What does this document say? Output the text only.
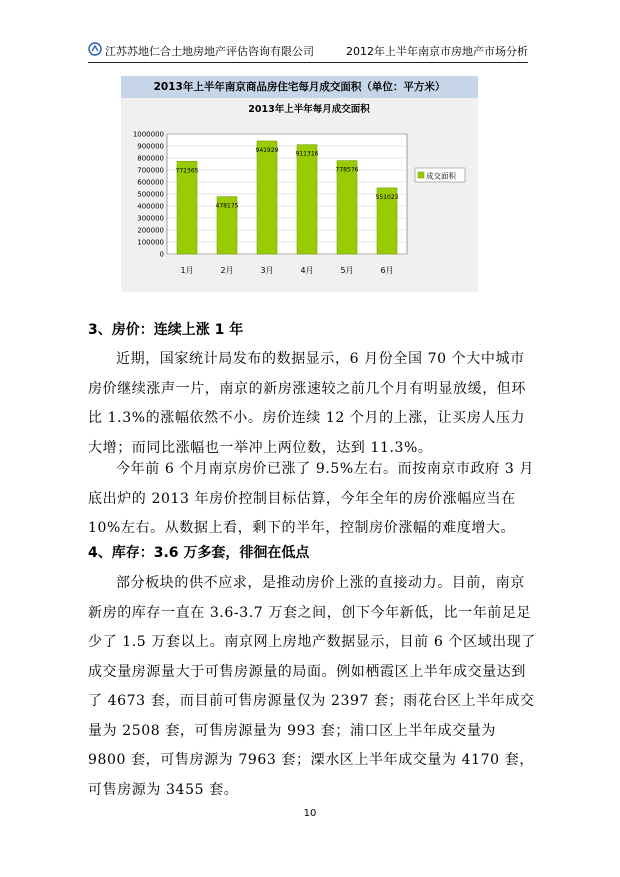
江苏苏地仁合土地房地产评估咨询有限公司	2012年上半年南京市房地产市场分析
2013年上半年南京商品房住宅每月成交面积（单位：平方米）
2013年上半年每月成交面积
0
100000
200000
300000
400000
500000
600000
700000
800000
900000
1000000
772365
1月
478175
2月
941929
3月
911316
4月
778576
5月
551023
6月
成交面积
3、房价：连续上涨 1 年
近期，国家统计局发布的数据显示，6 月份全国 70 个大中城市房价继续涨声一片，南京的新房涨速较之前几个月有明显放缓，但环比 1.3%的涨幅依然不小。房价连续 12 个月的上涨，让买房人压力大增；而同比涨幅也一举冲上两位数，达到 11.3%。
今年前 6 个月南京房价已涨了 9.5%左右。而按南京市政府 3 月底出炉的 2013 年房价控制目标估算，今年全年的房价涨幅应当在 10%左右。从数据上看，剩下的半年，控制房价涨幅的难度增大。
4、库存：3.6 万多套，徘徊在低点
部分板块的供不应求，是推动房价上涨的直接动力。目前，南京新房的库存一直在 3.6-3.7 万套之间，创下今年新低，比一年前足足少了 1.5 万套以上。南京网上房地产数据显示，目前 6 个区域出现了成交量房源量大于可售房源量的局面。例如栖霞区上半年成交量达到了 4673 套，而目前可售房源量仅为 2397 套；雨花台区上半年成交量为 2508 套，可售房源量为 993 套；浦口区上半年成交量为 9800 套，可售房源为 7963 套；溧水区上半年成交量为 4170 套，可售房源为 3455 套。
10
